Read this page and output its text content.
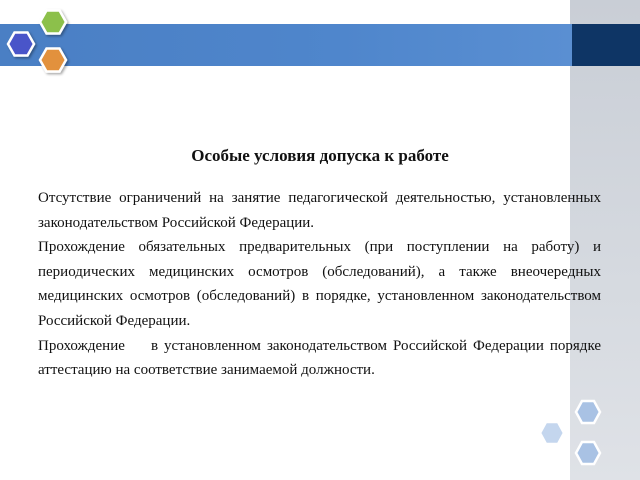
Особые условия допуска к работе

Отсутствие ограничений на занятие педагогической деятельностью, установленных законодательством Российской Федерации.

Прохождение обязательных предварительных (при поступлении на работу) и периодических медицинских осмотров (обследований), а также внеочередных медицинских осмотров (обследований) в порядке, установленном законодательством Российской Федерации.

Прохождение в установленном законодательством Российской Федерации порядке аттестацию на соответствие занимаемой должности.
